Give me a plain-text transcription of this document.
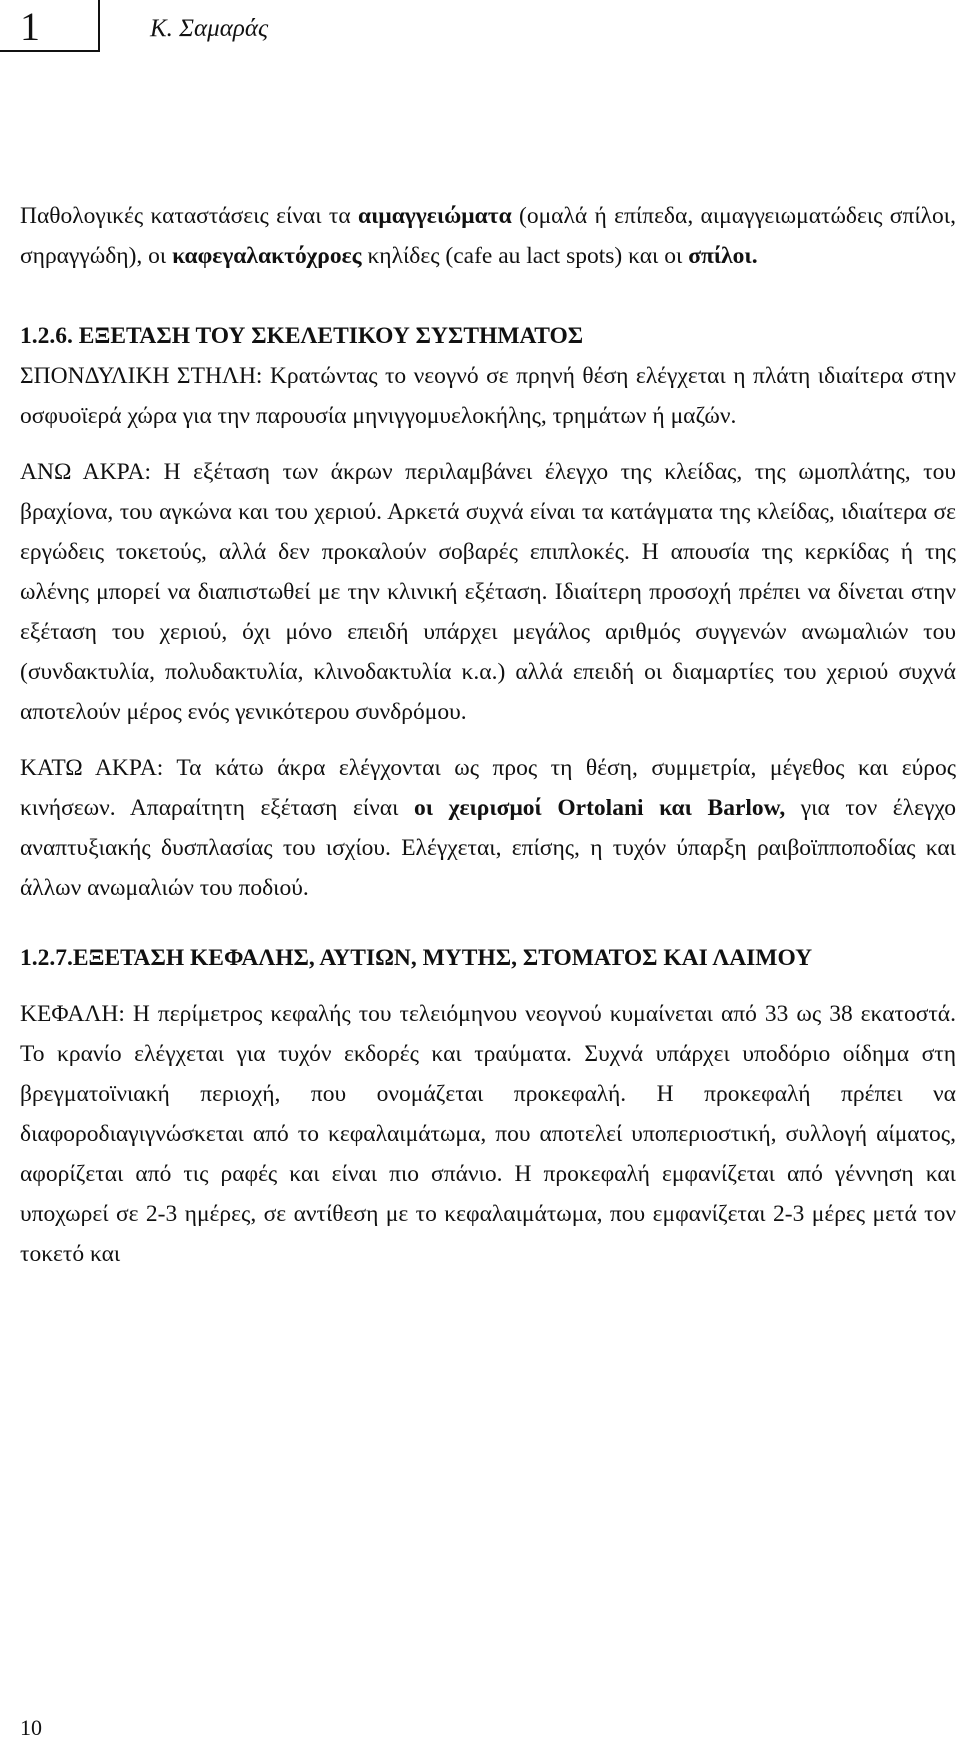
1	Κ. Σαμαράς

Παθολογικές καταστάσεις είναι τα αιμαγγειώματα (ομαλά ή επίπεδα, αιμαγγειωματώδεις σπίλοι, σηραγγώδη), οι καφεγαλακτόχροες κηλίδες (cafe au lact spots) και οι σπίλοι.

1.2.6. ΕΞΕΤΑΣΗ ΤΟΥ ΣΚΕΛΕΤΙΚΟΥ ΣΥΣΤΗΜΑΤΟΣ

ΣΠΟΝΔΥΛΙΚΗ ΣΤΗΛΗ: Κρατώντας το νεογνό σε πρηνή θέση ελέγχεται η πλάτη ιδιαίτερα στην οσφυοϊερά χώρα για την παρουσία μηνιγγομυελοκήλης, τρημάτων ή μαζών.

ΑΝΩ ΑΚΡΑ: Η εξέταση των άκρων περιλαμβάνει έλεγχο της κλείδας, της ωμοπλάτης, του βραχίονα, του αγκώνα και του χεριού. Αρκετά συχνά είναι τα κατάγματα της κλείδας, ιδιαίτερα σε εργώδεις τοκετούς, αλλά δεν προκαλούν σοβαρές επιπλοκές. Η απουσία της κερκίδας ή της ωλένης μπορεί να διαπιστωθεί με την κλινική εξέταση. Ιδιαίτερη προσοχή πρέπει να δίνεται στην εξέταση του χεριού, όχι μόνο επειδή υπάρχει μεγάλος αριθμός συγγενών ανωμαλιών του (συνδακτυλία, πολυδακτυλία, κλινοδακτυλία κ.α.) αλλά επειδή οι διαμαρτίες του χεριού συχνά αποτελούν μέρος ενός γενικότερου συνδρόμου.

ΚΑΤΩ ΑΚΡΑ: Τα κάτω άκρα ελέγχονται ως προς τη θέση, συμμετρία, μέγεθος και εύρος κινήσεων. Απαραίτητη εξέταση είναι οι χειρισμοί Ortolani και Barlow, για τον έλεγχο αναπτυξιακής δυσπλασίας του ισχίου. Ελέγχεται, επίσης, η τυχόν ύπαρξη ραιβοϊπποποδίας και άλλων ανωμαλιών του ποδιού.

1.2.7.ΕΞΕΤΑΣΗ ΚΕΦΑΛΗΣ, ΑΥΤΙΩΝ, ΜΥΤΗΣ, ΣΤΟΜΑΤΟΣ ΚΑΙ ΛΑΙΜΟΥ

ΚΕΦΑΛΗ: Η περίμετρος κεφαλής του τελειόμηνου νεογνού κυμαίνεται από 33 ως 38 εκατοστά. Το κρανίο ελέγχεται για τυχόν εκδορές και τραύματα. Συχνά υπάρχει υποδόριο οίδημα στη βρεγματοϊνιακή περιοχή, που ονομάζεται προκεφαλή. Η προκεφαλή πρέπει να διαφοροδιαγιγνώσκεται από το κεφαλαιμάτωμα, που αποτελεί υποπεριοστική, συλλογή αίματος, αφορίζεται από τις ραφές και είναι πιο σπάνιο. Η προκεφαλή εμφανίζεται από γέννηση και υποχωρεί σε 2-3 ημέρες, σε αντίθεση με το κεφαλαιμάτωμα, που εμφανίζεται 2-3 μέρες μετά τον τοκετό και

10
